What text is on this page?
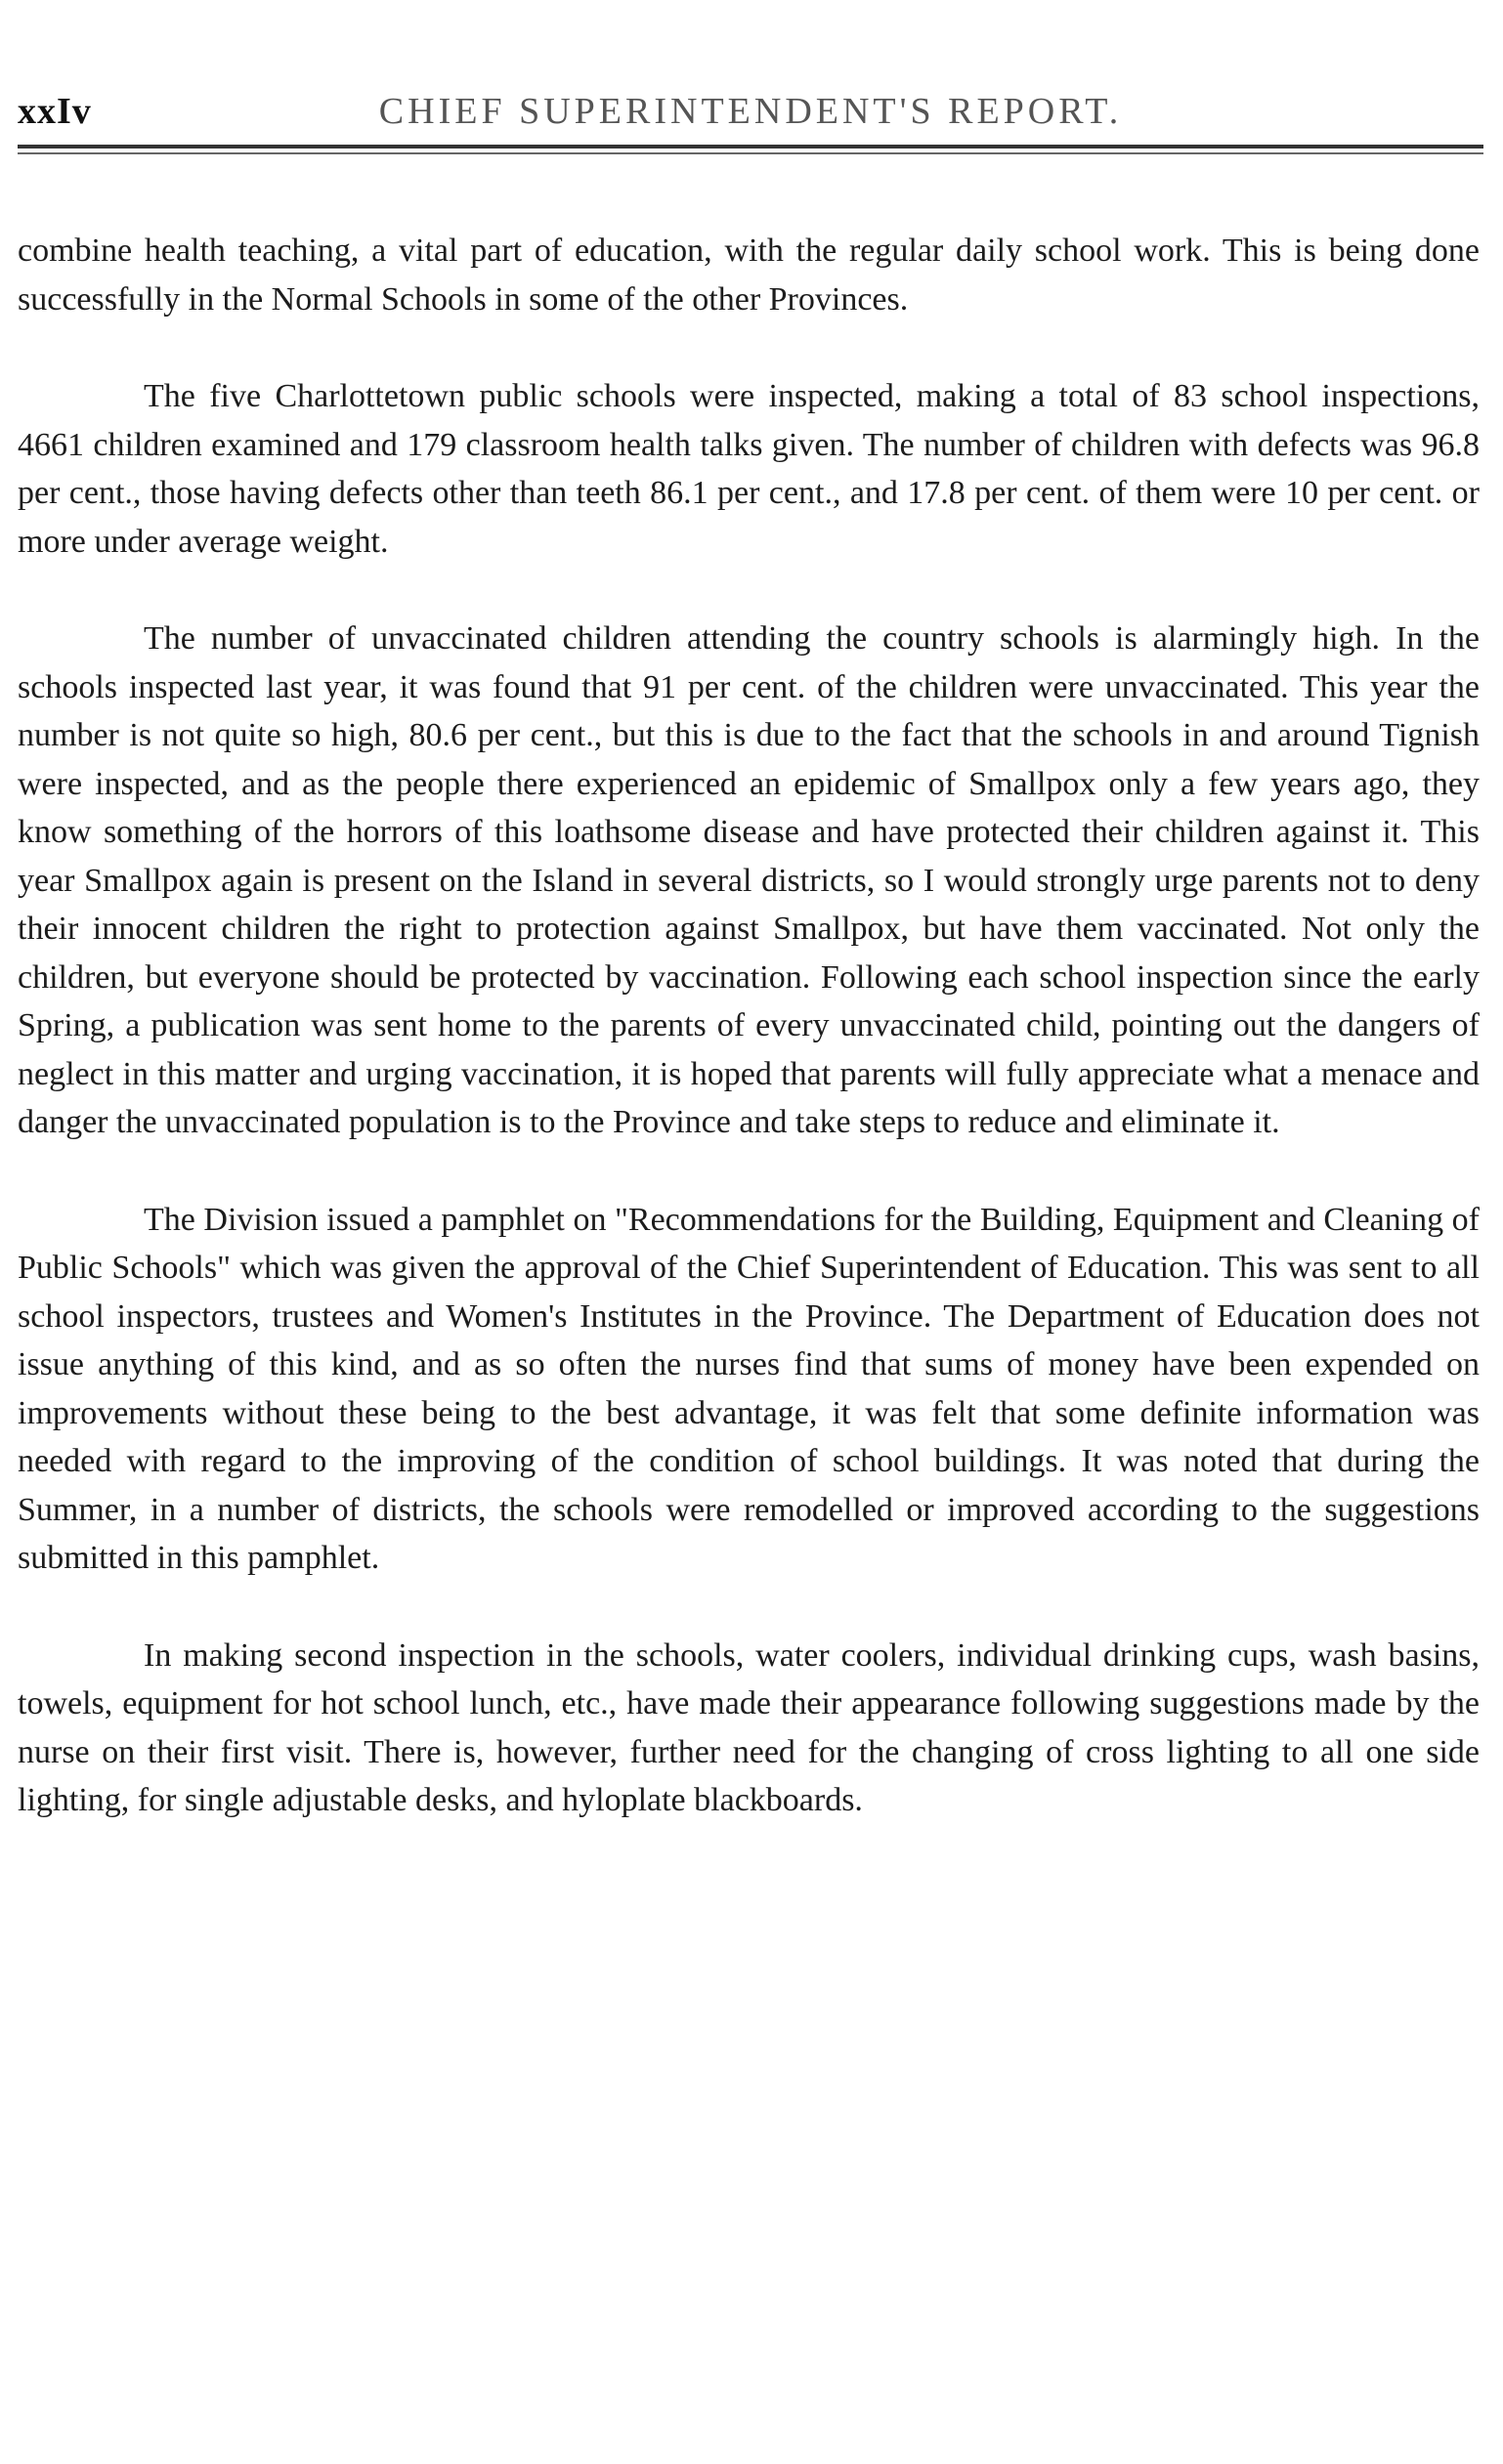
xxIv	CHIEF SUPERINTENDENT'S REPORT.

combine health teaching, a vital part of education, with the regular daily school work. This is being done successfully in the Normal Schools in some of the other Provinces.

The five Charlottetown public schools were inspected, making a total of 83 school inspections, 4661 children examined and 179 classroom health talks given. The number of children with defects was 96.8 per cent., those having defects other than teeth 86.1 per cent., and 17.8 per cent. of them were 10 per cent. or more under average weight.

The number of unvaccinated children attending the country schools is alarmingly high. In the schools inspected last year, it was found that 91 per cent. of the children were unvaccinated. This year the number is not quite so high, 80.6 per cent., but this is due to the fact that the schools in and around Tignish were inspected, and as the people there experienced an epidemic of Smallpox only a few years ago, they know something of the horrors of this loathsome disease and have protected their children against it. This year Smallpox again is present on the Island in several districts, so I would strongly urge parents not to deny their innocent children the right to protection against Smallpox, but have them vaccinated. Not only the children, but everyone should be protected by vaccination. Following each school inspection since the early Spring, a publication was sent home to the parents of every unvaccinated child, pointing out the dangers of neglect in this matter and urging vaccination, it is hoped that parents will fully appreciate what a menace and danger the unvaccinated population is to the Province and take steps to reduce and eliminate it.

The Division issued a pamphlet on "Recommendations for the Building, Equipment and Cleaning of Public Schools" which was given the approval of the Chief Superintendent of Education. This was sent to all school inspectors, trustees and Women's Institutes in the Province. The Department of Education does not issue anything of this kind, and as so often the nurses find that sums of money have been expended on improvements without these being to the best advantage, it was felt that some definite information was needed with regard to the improving of the condition of school buildings. It was noted that during the Summer, in a number of districts, the schools were remodelled or improved according to the suggestions submitted in this pamphlet.

In making second inspection in the schools, water coolers, individual drinking cups, wash basins, towels, equipment for hot school lunch, etc., have made their appearance following suggestions made by the nurse on their first visit. There is, however, further need for the changing of cross lighting to all one side lighting, for single adjustable desks, and hyloplate blackboards.
